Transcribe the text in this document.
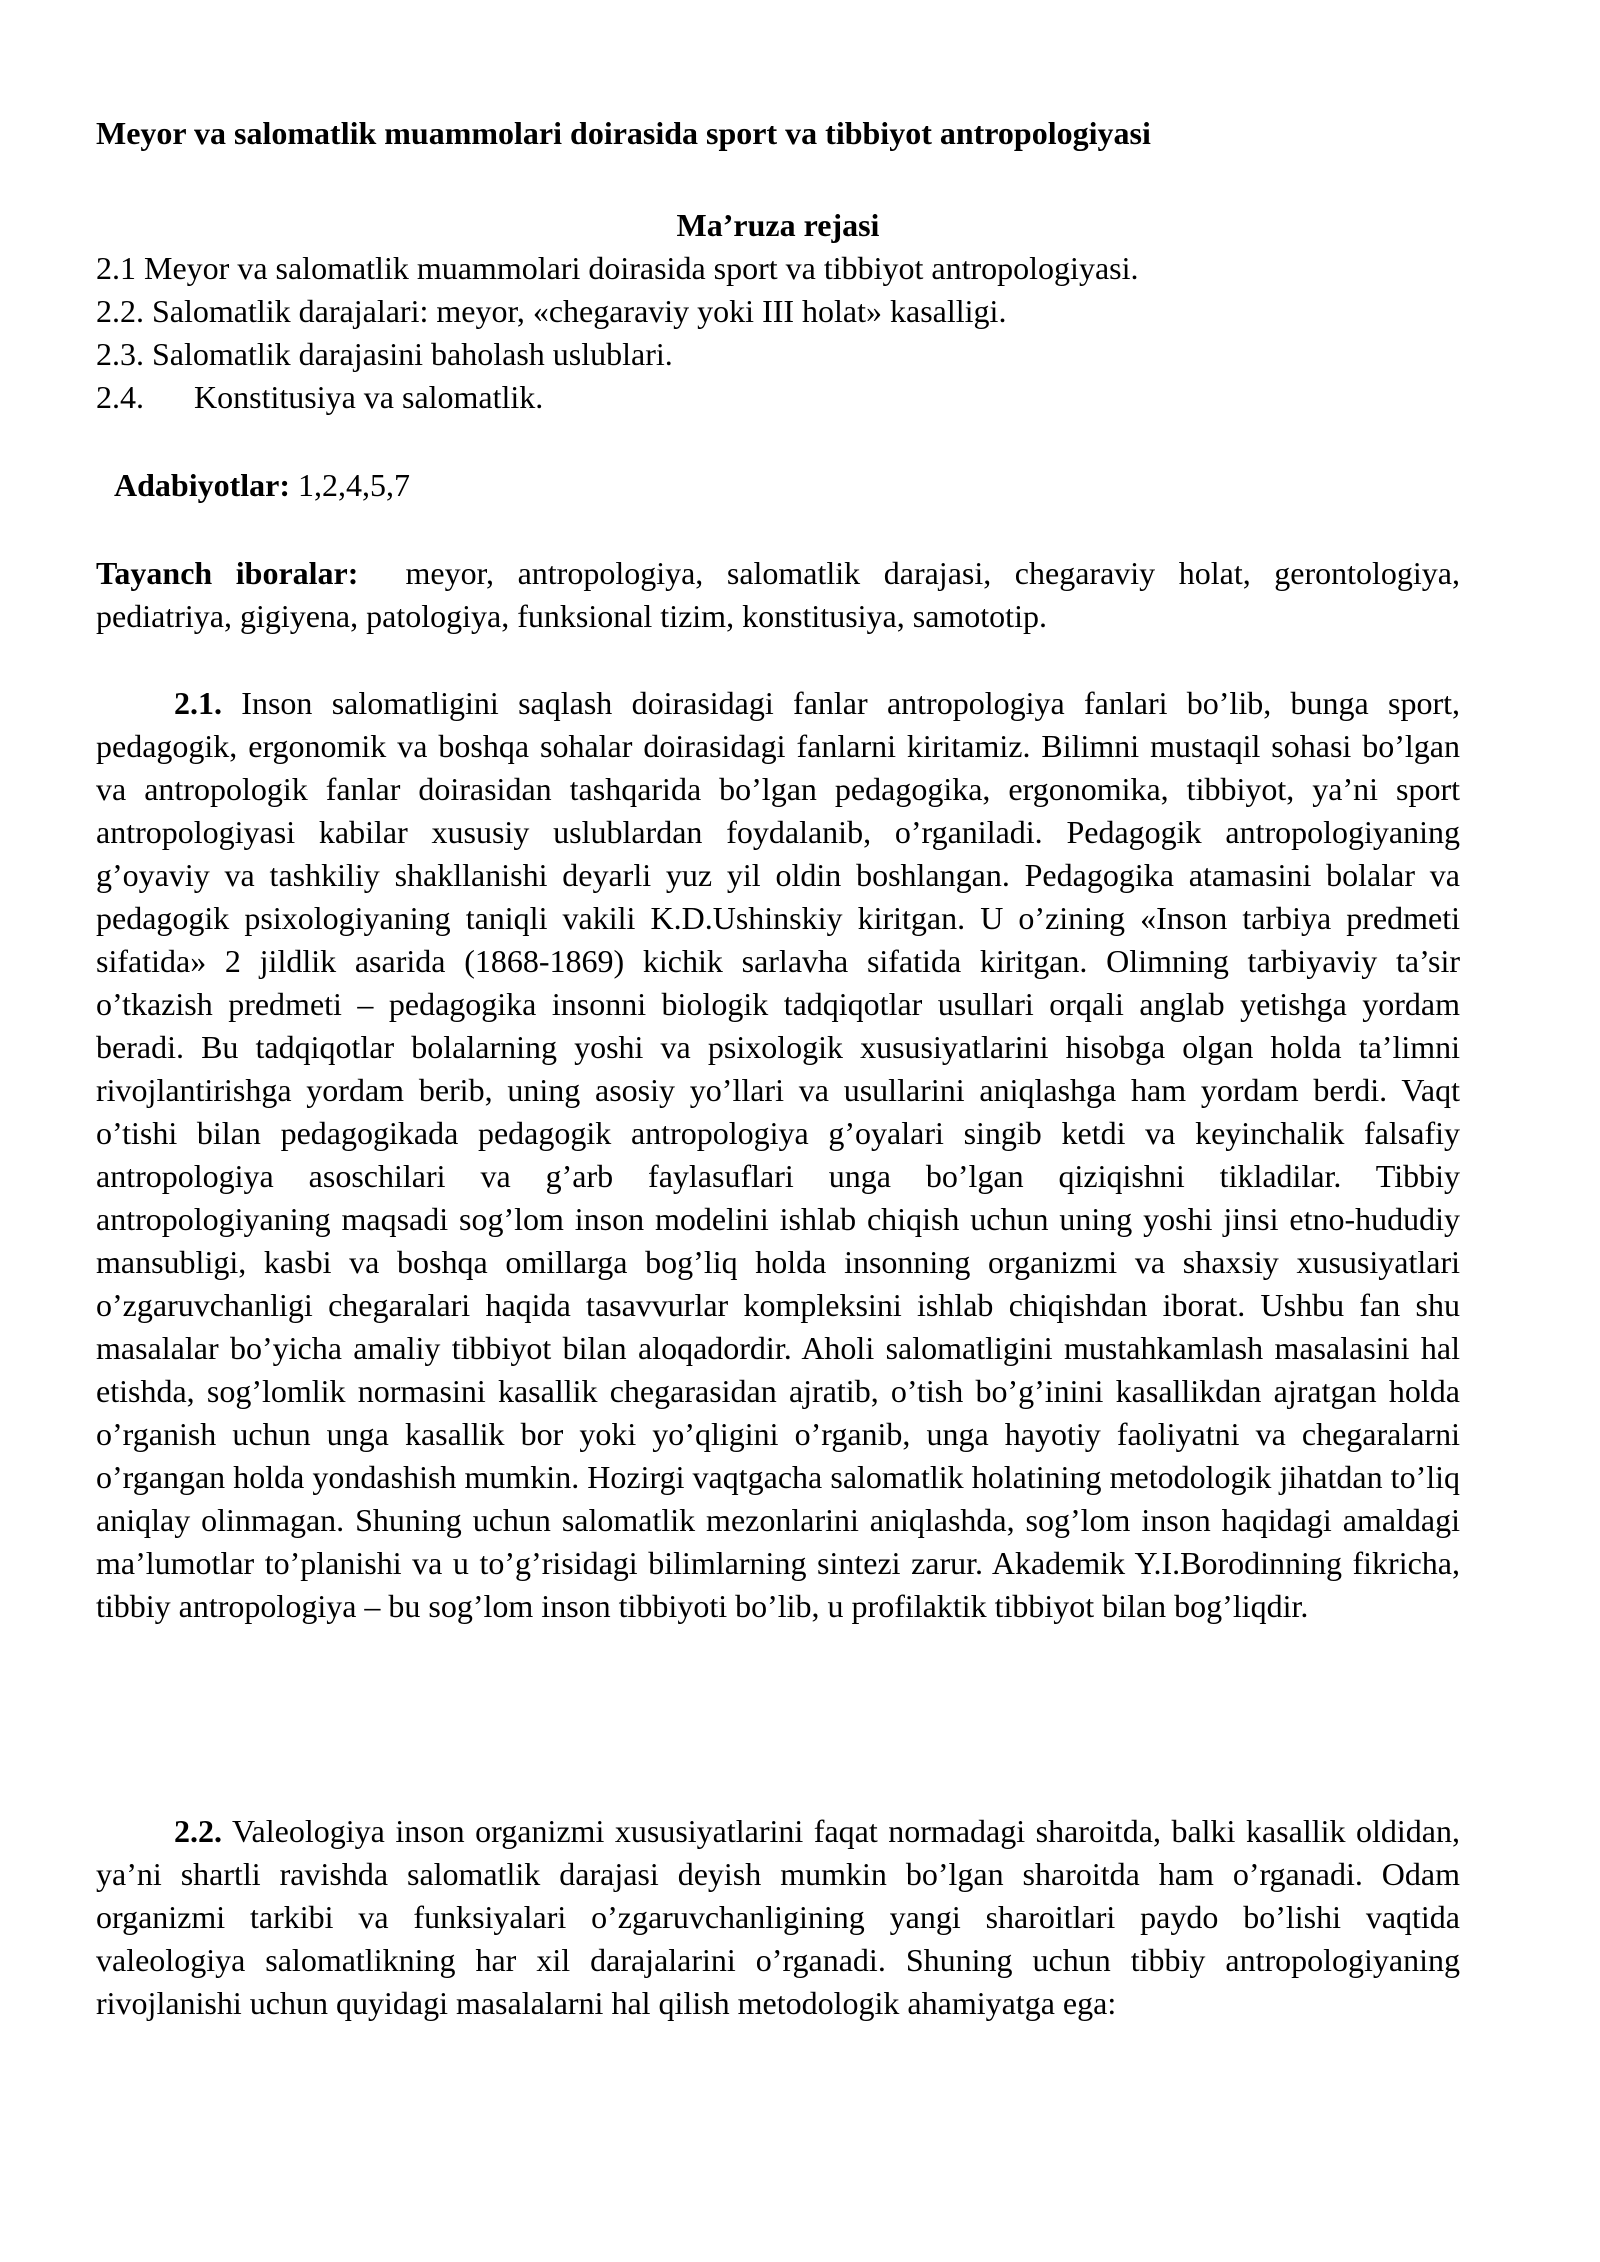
Meyor va salomatlik muammolari doirasida sport va tibbiyot antropologiyasi

Ma’ruza rejasi

2.1 Meyor va salomatlik muammolari doirasida sport va tibbiyot antropologiyasi.

2.2. Salomatlik darajalari: meyor, «chegaraviy yoki III holat» kasalligi.

2.3. Salomatlik darajasini baholash uslublari.

2.4. Konstitusiya va salomatlik.

Adabiyotlar: 1,2,4,5,7

Tayanch iboralar: meyor, antropologiya, salomatlik darajasi, chegaraviy holat, gerontologiya, pediatriya, gigiyena, patologiya, funksional tizim, konstitusiya, samototip.

2.1. Inson salomatligini saqlash doirasidagi fanlar antropologiya fanlari bo’lib, bunga sport, pedagogik, ergonomik va boshqa sohalar doirasidagi fanlarni kiritamiz. Bilimni mustaqil sohasi bo’lgan va antropologik fanlar doirasidan tashqarida bo’lgan pedagogika, ergonomika, tibbiyot, ya’ni sport antropologiyasi kabilar xususiy uslublardan foydalanib, o’rganiladi. Pedagogik antropologiyaning g’oyaviy va tashkiliy shakllanishi deyarli yuz yil oldin boshlangan. Pedagogika atamasini bolalar va pedagogik psixologiyaning taniqli vakili K.D.Ushinskiy kiritgan. U o’zining «Inson tarbiya predmeti sifatida» 2 jildlik asarida (1868-1869) kichik sarlavha sifatida kiritgan. Olimning tarbiyaviy ta’sir o’tkazish predmeti – pedagogika insonni biologik tadqiqotlar usullari orqali anglab yetishga yordam beradi. Bu tadqiqotlar bolalarning yoshi va psixologik xususiyatlarini hisobga olgan holda ta’limni rivojlantirishga yordam berib, uning asosiy yo’llari va usullarini aniqlashga ham yordam berdi. Vaqt o’tishi bilan pedagogikada pedagogik antropologiya g’oyalari singib ketdi va keyinchalik falsafiy antropologiya asoschilari va g’arb faylasuflari unga bo’lgan qiziqishni tikladilar. Tibbiy antropologiyaning maqsadi sog’lom inson modelini ishlab chiqish uchun uning yoshi jinsi etno-hududiy mansubligi, kasbi va boshqa omillarga bog’liq holda insonning organizmi va shaxsiy xususiyatlari o’zgaruvchanligi chegaralari haqida tasavvurlar kompleksini ishlab chiqishdan iborat. Ushbu fan shu masalalar bo’yicha amaliy tibbiyot bilan aloqadordir. Aholi salomatligini mustahkamlash masalasini hal etishda, sog’lomlik normasini kasallik chegarasidan ajratib, o’tish bo’g’inini kasallikdan ajratgan holda o’rganish uchun unga kasallik bor yoki yo’qligini o’rganib, unga hayotiy faoliyatni va chegaralarni o’rgangan holda yondashish mumkin. Hozirgi vaqtgacha salomatlik holatining metodologik jihatdan to’liq aniqlay olinmagan. Shuning uchun salomatlik mezonlarini aniqlashda, sog’lom inson haqidagi amaldagi ma’lumotlar to’planishi va u to’g’risidagi bilimlarning sintezi zarur. Akademik Y.I.Borodinning fikricha, tibbiy antropologiya – bu sog’lom inson tibbiyoti bo’lib, u profilaktik tibbiyot bilan bog’liqdir.

2.2. Valeologiya inson organizmi xususiyatlarini faqat normadagi sharoitda, balki kasallik oldidan, ya’ni shartli ravishda salomatlik darajasi deyish mumkin bo’lgan sharoitda ham o’rganadi. Odam organizmi tarkibi va funksiyalari o’zgaruvchanligining yangi sharoitlari paydo bo’lishi vaqtida valeologiya salomatlikning har xil darajalarini o’rganadi. Shuning uchun tibbiy antropologiyaning rivojlanishi uchun quyidagi masalalarni hal qilish metodologik ahamiyatga ega:
